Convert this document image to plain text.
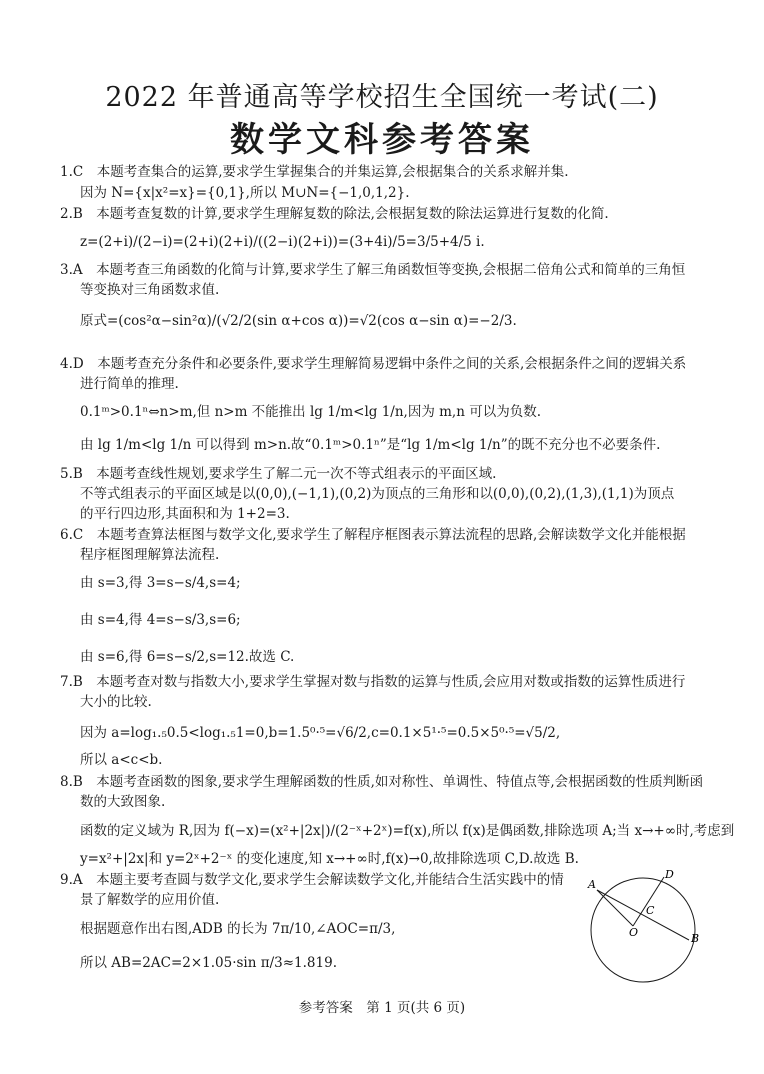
2022 年普通高等学校招生全国统一考试(二)
数学文科参考答案
1.C　本题考查集合的运算,要求学生掌握集合的并集运算,会根据集合的关系求解并集.
因为 N={x|x²=x}={0,1},所以 M∪N={−1,0,1,2}.
2.B　本题考查复数的计算,要求学生理解复数的除法,会根据复数的除法运算进行复数的化简.
z=(2+i)/(2−i)=(2+i)(2+i)/((2−i)(2+i))=(3+4i)/5=3/5+4/5 i.
3.A　本题考查三角函数的化简与计算,要求学生了解三角函数恒等变换,会根据二倍角公式和简单的三角恒
等变换对三角函数求值.
原式=(cos²α−sin²α)/(√2/2(sin α+cos α))=√2(cos α−sin α)=−2/3.
4.D　本题考查充分条件和必要条件,要求学生理解简易逻辑中条件之间的关系,会根据条件之间的逻辑关系
进行简单的推理.
0.1ᵐ>0.1ⁿ⇔n>m,但 n>m 不能推出 lg 1/m<lg 1/n,因为 m,n 可以为负数.
由 lg 1/m<lg 1/n 可以得到 m>n.故“0.1ᵐ>0.1ⁿ”是“lg 1/m<lg 1/n”的既不充分也不必要条件.
5.B　本题考查线性规划,要求学生了解二元一次不等式组表示的平面区域.
不等式组表示的平面区域是以(0,0),(−1,1),(0,2)为顶点的三角形和以(0,0),(0,2),(1,3),(1,1)为顶点
的平行四边形,其面积和为 1+2=3.
6.C　本题考查算法框图与数学文化,要求学生了解程序框图表示算法流程的思路,会解读数学文化并能根据
程序框图理解算法流程.
由 s=3,得 3=s−s/4,s=4;
由 s=4,得 4=s−s/3,s=6;
由 s=6,得 6=s−s/2,s=12.故选 C.
7.B　本题考查对数与指数大小,要求学生掌握对数与指数的运算与性质,会应用对数或指数的运算性质进行
大小的比较.
因为 a=log₁.₅0.5<log₁.₅1=0,b=1.5⁰·⁵=√6/2,c=0.1×5¹·⁵=0.5×5⁰·⁵=√5/2,
所以 a<c<b.
8.B　本题考查函数的图象,要求学生理解函数的性质,如对称性、单调性、特值点等,会根据函数的性质判断函
数的大致图象.
函数的定义域为 R,因为 f(−x)=(x²+|2x|)/(2⁻ˣ+2ˣ)=f(x),所以 f(x)是偶函数,排除选项 A;当 x→+∞时,考虑到
y=x²+|2x|和 y=2ˣ+2⁻ˣ 的变化速度,知 x→+∞时,f(x)→0,故排除选项 C,D.故选 B.
9.A　本题主要考查圆与数学文化,要求学生会解读数学文化,并能结合生活实践中的情
景了解数学的应用价值.
根据题意作出右图,ADB 的长为 7π/10,∠AOC=π/3,
所以 AB=2AC=2×1.05·sin π/3≈1.819.
A
D
C
O	B
参考答案　第 1 页(共 6 页)
